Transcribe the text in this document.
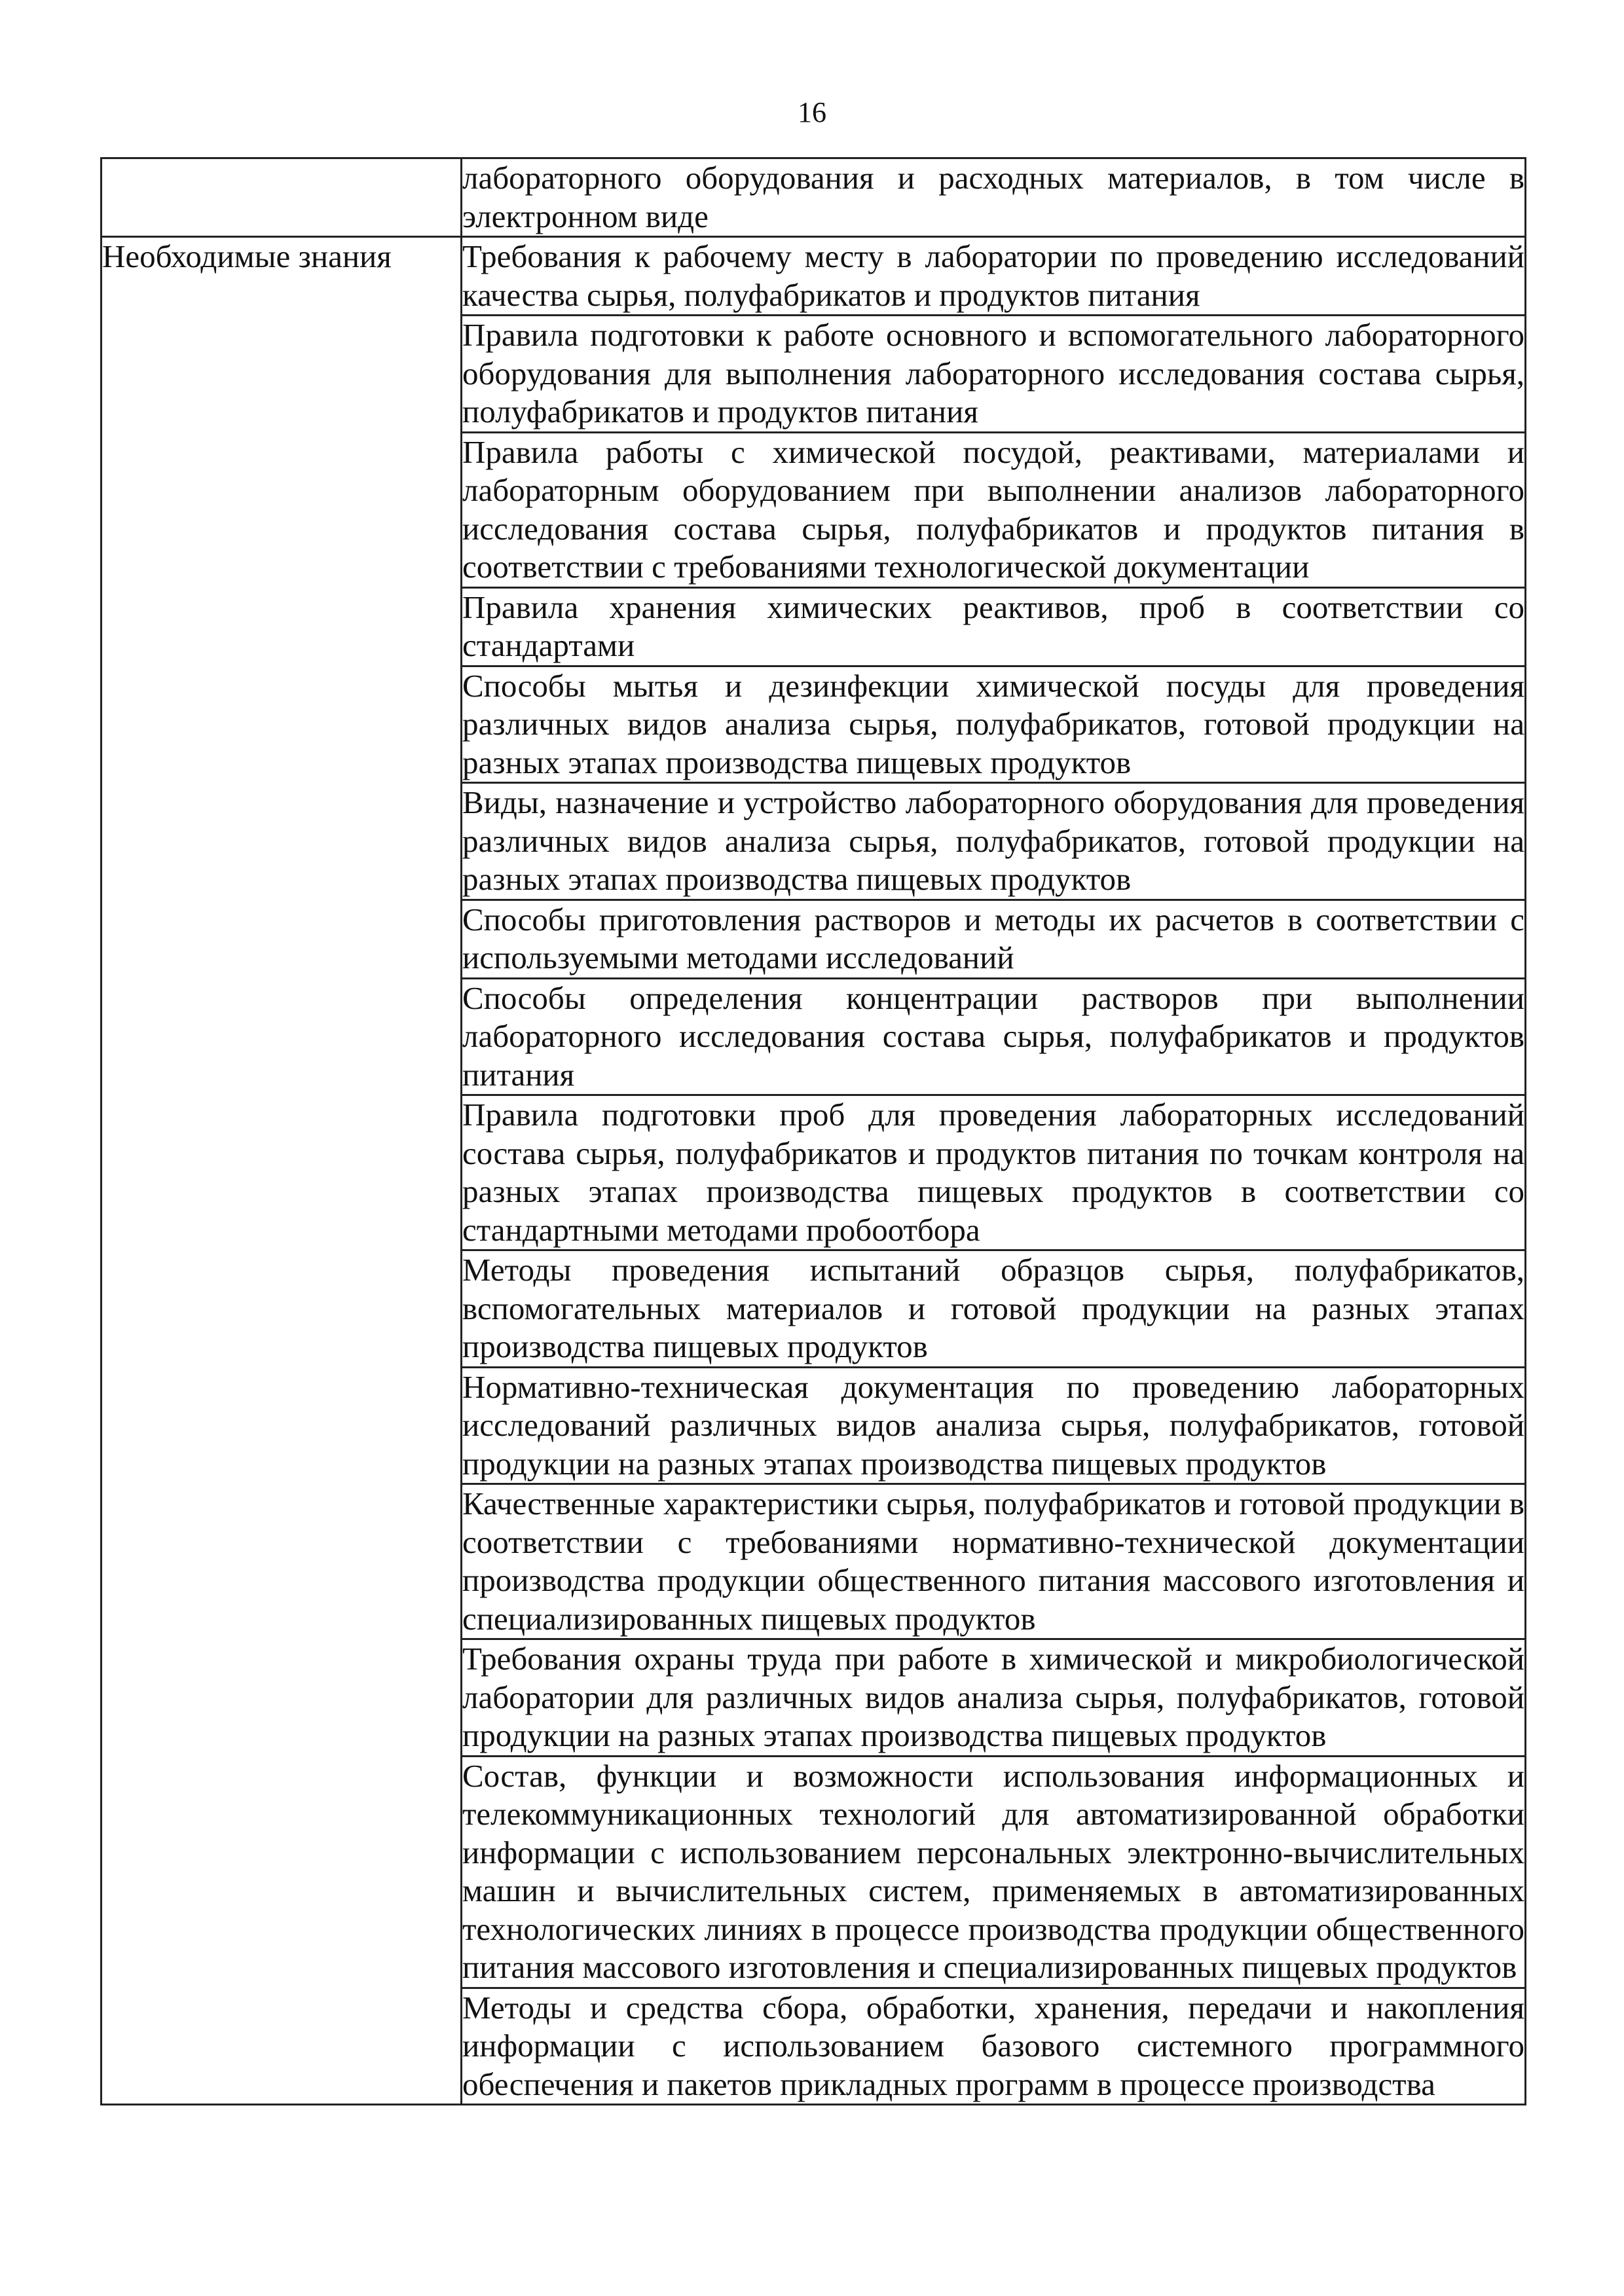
16

	лабораторного оборудования и расходных материалов, в том числе в электронном виде

Необходимые знания	Требования к рабочему месту в лаборатории по проведению исследований качества сырья, полуфабрикатов и продуктов питания

	Правила подготовки к работе основного и вспомогательного лабораторного оборудования для выполнения лабораторного исследования состава сырья, полуфабрикатов и продуктов питания

	Правила работы с химической посудой, реактивами, материалами и лабораторным оборудованием при выполнении анализов лабораторного исследования состава сырья, полуфабрикатов и продуктов питания в соответствии с требованиями технологической документации

	Правила хранения химических реактивов, проб в соответствии со стандартами

	Способы мытья и дезинфекции химической посуды для проведения различных видов анализа сырья, полуфабрикатов, готовой продукции на разных этапах производства пищевых продуктов

	Виды, назначение и устройство лабораторного оборудования для проведения различных видов анализа сырья, полуфабрикатов, готовой продукции на разных этапах производства пищевых продуктов

	Способы приготовления растворов и методы их расчетов в соответствии с используемыми методами исследований

	Способы определения концентрации растворов при выполнении лабораторного исследования состава сырья, полуфабрикатов и продуктов питания

	Правила подготовки проб для проведения лабораторных исследований состава сырья, полуфабрикатов и продуктов питания по точкам контроля на разных этапах производства пищевых продуктов в соответствии со стандартными методами пробоотбора

	Методы проведения испытаний образцов сырья, полуфабрикатов, вспомогательных материалов и готовой продукции на разных этапах производства пищевых продуктов

	Нормативно-техническая документация по проведению лабораторных исследований различных видов анализа сырья, полуфабрикатов, готовой продукции на разных этапах производства пищевых продуктов

	Качественные характеристики сырья, полуфабрикатов и готовой продукции в соответствии с требованиями нормативно-технической документации производства продукции общественного питания массового изготовления и специализированных пищевых продуктов

	Требования охраны труда при работе в химической и микробиологической лаборатории для различных видов анализа сырья, полуфабрикатов, готовой продукции на разных этапах производства пищевых продуктов

	Состав, функции и возможности использования информационных и телекоммуникационных технологий для автоматизированной обработки информации с использованием персональных электронно-вычислительных машин и вычислительных систем, применяемых в автоматизированных технологических линиях в процессе производства продукции общественного питания массового изготовления и специализированных пищевых продуктов

	Методы и средства сбора, обработки, хранения, передачи и накопления информации с использованием базового системного программного обеспечения и пакетов прикладных программ в процессе производства
